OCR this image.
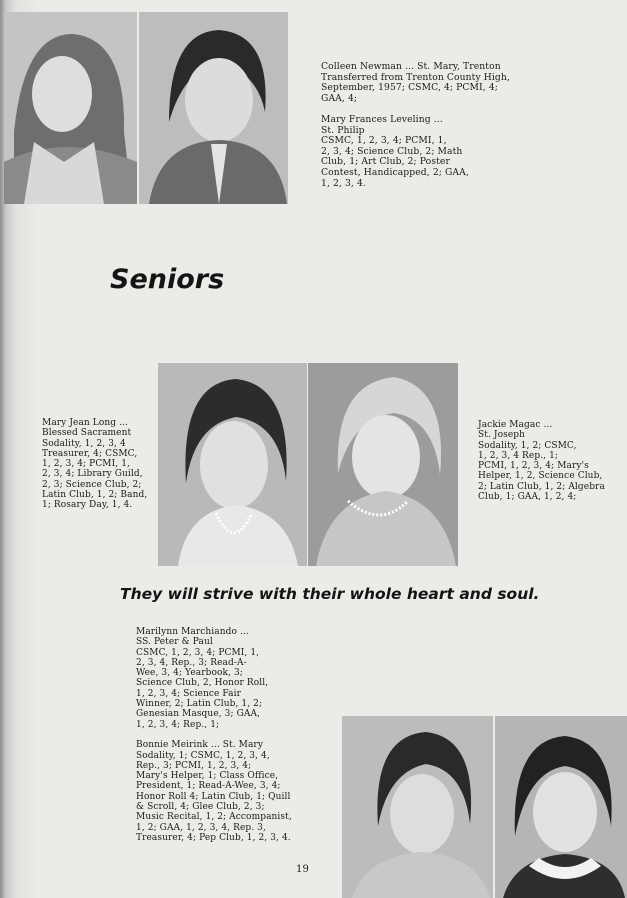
Colleen Newman ... St. Mary, Trenton
Transferred from Trenton County High,
September, 1957; CSMC, 4; PCMI, 4;
GAA, 4;

Mary Frances Leveling ...
St. Philip
CSMC, 1, 2, 3, 4; PCMI, 1,
2, 3, 4; Science Club, 2; Math
Club, 1; Art Club, 2; Poster
Contest, Handicapped, 2; GAA,
1, 2, 3, 4.
Seniors
Mary Jean Long ...
Blessed Sacrament
Sodality, 1, 2, 3, 4
Treasurer, 4; CSMC,
1, 2, 3, 4; PCMI, 1,
2, 3, 4; Library Guild,
2, 3; Science Club, 2;
Latin Club, 1, 2; Band,
1; Rosary Day, 1, 4.
Jackie Magac ...
St. Joseph
Sodality, 1, 2; CSMC,
1, 2, 3, 4 Rep., 1;
PCMI, 1, 2, 3, 4; Mary's
Helper, 1, 2, Science Club,
2; Latin Club, 1, 2; Algebra
Club, 1; GAA, 1, 2, 4;
They will strive with their whole heart and soul.
Marilynn Marchiando ...
SS. Peter & Paul
CSMC, 1, 2, 3, 4; PCMI, 1,
2, 3, 4, Rep., 3; Read-A-
Wee, 3, 4; Yearbook, 3;
Science Club, 2, Honor Roll,
1, 2, 3, 4; Science Fair
Winner, 2; Latin Club, 1, 2;
Genesian Masque, 3; GAA,
1, 2, 3, 4; Rep., 1;

Bonnie Meirink ... St. Mary
Sodality, 1; CSMC, 1, 2, 3, 4,
Rep., 3; PCMI, 1, 2, 3, 4;
Mary's Helper, 1; Class Office,
President, 1; Read-A-Wee, 3, 4;
Honor Roll 4; Latin Club, 1; Quill
& Scroll, 4; Glee Club, 2, 3;
Music Recital, 1, 2; Accompanist,
1, 2; GAA, 1, 2, 3, 4, Rep. 3,
Treasurer, 4; Pep Club, 1, 2, 3, 4.
19
